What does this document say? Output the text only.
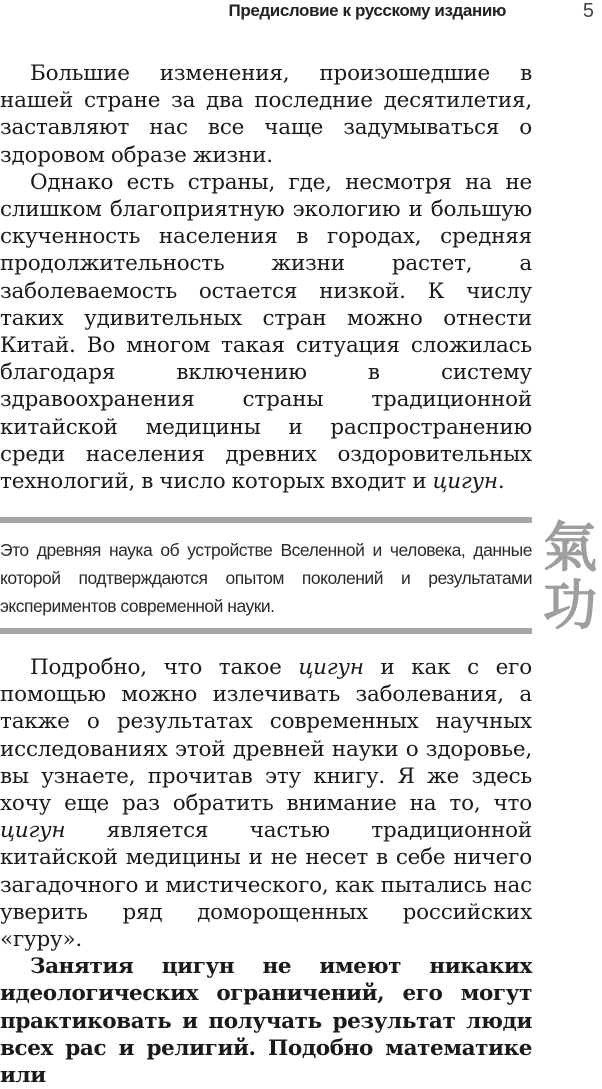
Предисловие к русскому изданию	5

Большие изменения, произошедшие в нашей стране за два последние десятилетия, заставляют нас все чаще задумываться о здоровом образе жизни.

Однако есть страны, где, несмотря на не слишком благоприятную экологию и большую скученность населения в городах, средняя продолжительность жизни растет, а заболеваемость остается низкой. К числу таких удивительных стран можно отнести Китай. Во многом такая ситуация сложилась благодаря включению в систему здравоохранения страны традиционной китайской медицины и распространению среди населения древних оздоровительных технологий, в число которых входит и цигун.

Это древняя наука об устройстве Вселенной и человека, данные которой подтверждаются опытом поколений и результатами экспериментов современной науки.

氣
功

Подробно, что такое цигун и как с его помощью можно излечивать заболевания, а также о результатах современных научных исследованиях этой древней науки о здоровье, вы узнаете, прочитав эту книгу. Я же здесь хочу еще раз обратить внимание на то, что цигун является частью традиционной китайской медицины и не несет в себе ничего загадочного и мистического, как пытались нас уверить ряд доморощенных российских «гуру».

Занятия цигун не имеют никаких идеологических ограничений, его могут практиковать и получать результат люди всех рас и религий. Подобно математике или
